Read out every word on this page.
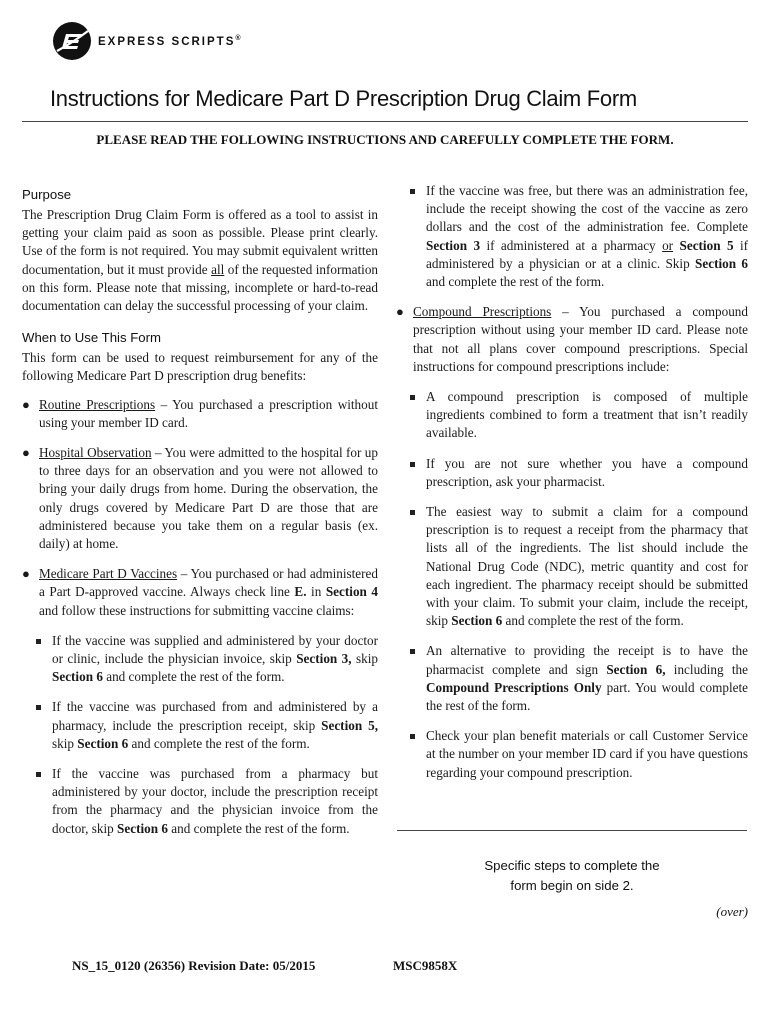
EXPRESS SCRIPTS®
Instructions for Medicare Part D Prescription Drug Claim Form
PLEASE READ THE FOLLOWING INSTRUCTIONS AND CAREFULLY COMPLETE THE FORM.

Purpose

The Prescription Drug Claim Form is offered as a tool to assist in getting your claim paid as soon as possible. Please print clearly. Use of the form is not required. You may submit equivalent written documentation, but it must provide all of the requested information on this form. Please note that missing, incomplete or hard-to-read documentation can delay the successful processing of your claim.

When to Use This Form

This form can be used to request reimbursement for any of the following Medicare Part D prescription drug benefits:

● Routine Prescriptions – You purchased a prescription without using your member ID card.
● Hospital Observation – You were admitted to the hospital for up to three days for an observation and you were not allowed to bring your daily drugs from home. During the observation, the only drugs covered by Medicare Part D are those that are administered because you take them on a regular basis (ex. daily) at home.
● Medicare Part D Vaccines – You purchased or had administered a Part D-approved vaccine. Always check line E. in Section 4 and follow these instructions for submitting vaccine claims:
If the vaccine was supplied and administered by your doctor or clinic, include the physician invoice, skip Section 3, skip Section 6 and complete the rest of the form.
If the vaccine was purchased from and administered by a pharmacy, include the prescription receipt, skip Section 5, skip Section 6 and complete the rest of the form.
If the vaccine was purchased from a pharmacy but administered by your doctor, include the prescription receipt from the pharmacy and the physician invoice from the doctor, skip Section 6 and complete the rest of the form.
If the vaccine was free, but there was an administration fee, include the receipt showing the cost of the vaccine as zero dollars and the cost of the administration fee. Complete Section 3 if administered at a pharmacy or Section 5 if administered by a physician or at a clinic. Skip Section 6 and complete the rest of the form.
● Compound Prescriptions – You purchased a compound prescription without using your member ID card. Please note that not all plans cover compound prescriptions. Special instructions for compound prescriptions include:
A compound prescription is composed of multiple ingredients combined to form a treatment that isn’t readily available.
If you are not sure whether you have a compound prescription, ask your pharmacist.
The easiest way to submit a claim for a compound prescription is to request a receipt from the pharmacy that lists all of the ingredients. The list should include the National Drug Code (NDC), metric quantity and cost for each ingredient. The pharmacy receipt should be submitted with your claim. To submit your claim, include the receipt, skip Section 6 and complete the rest of the form.
An alternative to providing the receipt is to have the pharmacist complete and sign Section 6, including the Compound Prescriptions Only part. You would complete the rest of the form.
Check your plan benefit materials or call Customer Service at the number on your member ID card if you have questions regarding your compound prescription.
Specific steps to complete the
form begin on side 2.
(over)
NS_15_0120 (26356) Revision Date: 05/2015	MSC9858X
